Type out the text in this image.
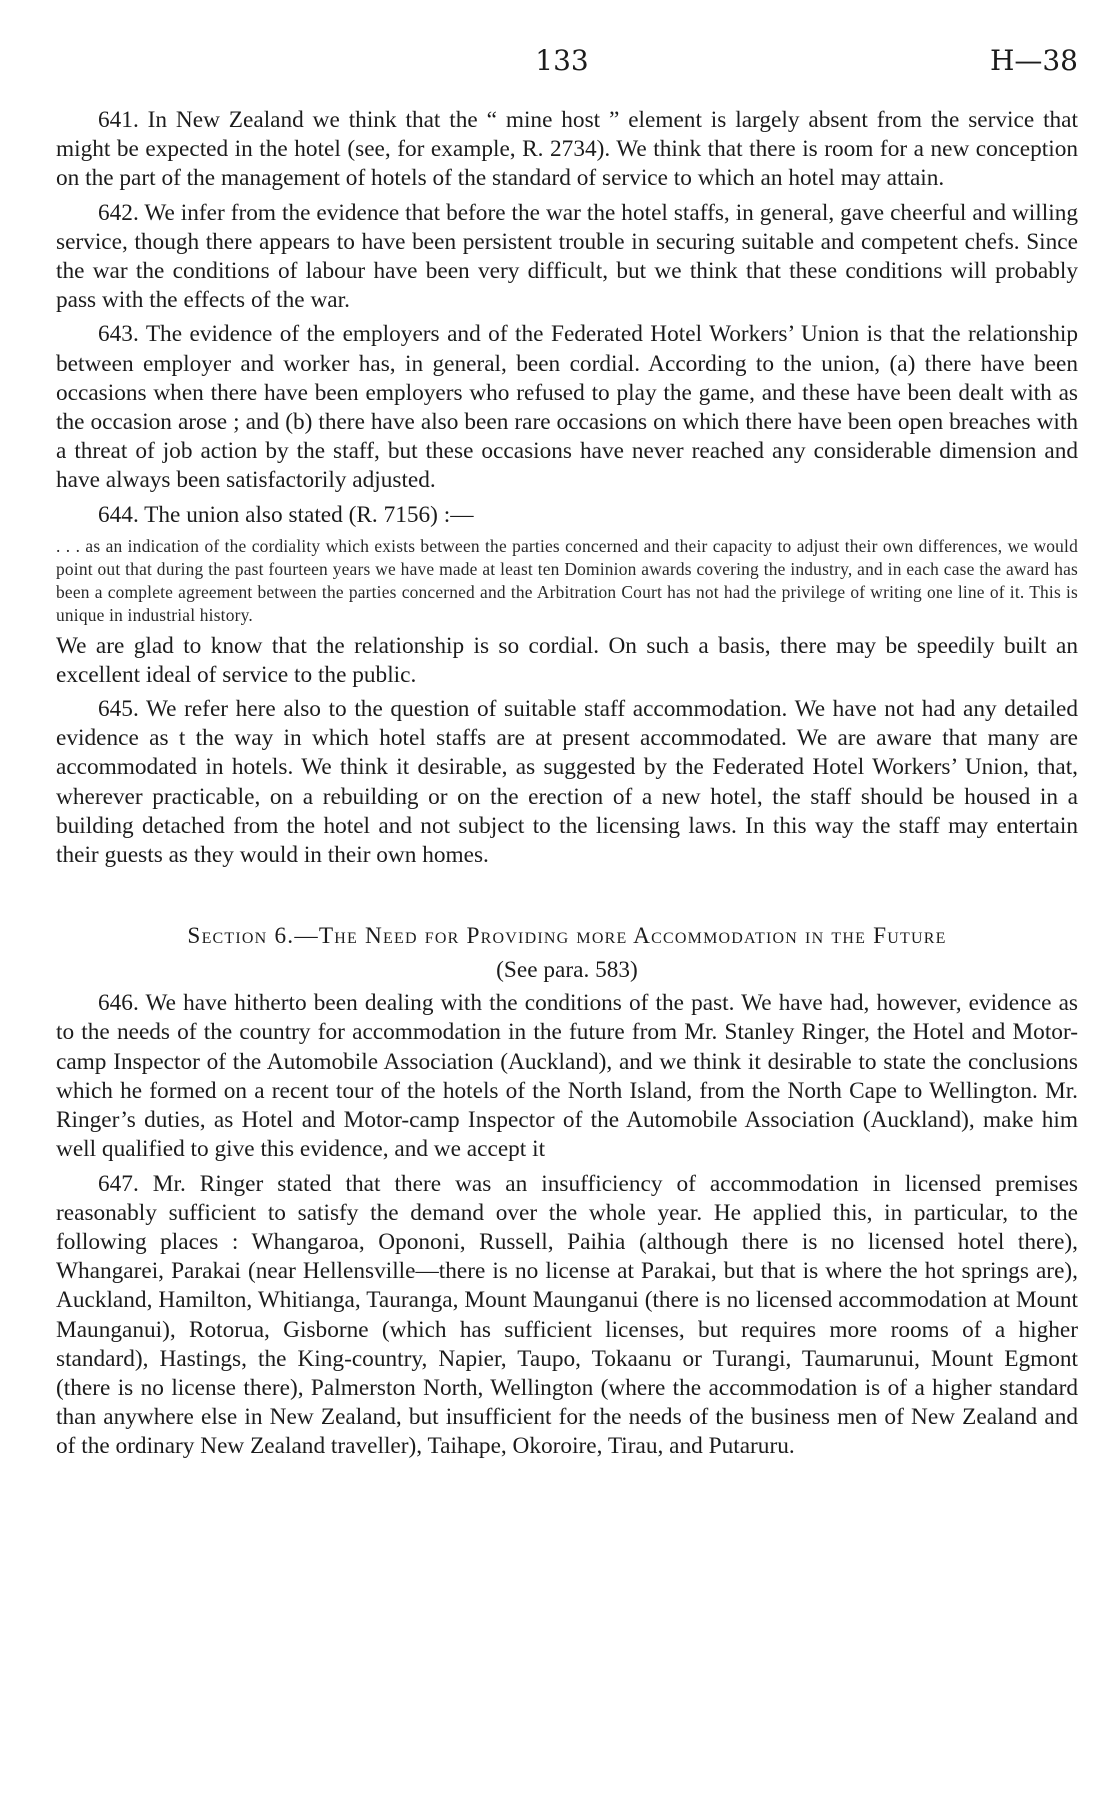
133	H—38

641. In New Zealand we think that the “ mine host ” element is largely absent from the service that might be expected in the hotel (see, for example, R. 2734). We think that there is room for a new conception on the part of the management of hotels of the standard of service to which an hotel may attain.

642. We infer from the evidence that before the war the hotel staffs, in general, gave cheerful and willing service, though there appears to have been persistent trouble in securing suitable and competent chefs. Since the war the conditions of labour have been very difficult, but we think that these conditions will probably pass with the effects of the war.

643. The evidence of the employers and of the Federated Hotel Workers’ Union is that the relationship between employer and worker has, in general, been cordial. According to the union, (a) there have been occasions when there have been employers who refused to play the game, and these have been dealt with as the occasion arose ; and (b) there have also been rare occasions on which there have been open breaches with a threat of job action by the staff, but these occasions have never reached any considerable dimension and have always been satisfactorily adjusted.

644. The union also stated (R. 7156) :—

. . . as an indication of the cordiality which exists between the parties concerned and their capacity to adjust their own differences, we would point out that during the past fourteen years we have made at least ten Dominion awards covering the industry, and in each case the award has been a complete agreement between the parties concerned and the Arbitration Court has not had the privilege of writing one line of it. This is unique in industrial history.

We are glad to know that the relationship is so cordial. On such a basis, there may be speedily built an excellent ideal of service to the public.

645. We refer here also to the question of suitable staff accommodation. We have not had any detailed evidence as t the way in which hotel staffs are at present accommodated. We are aware that many are accommodated in hotels. We think it desirable, as suggested by the Federated Hotel Workers’ Union, that, wherever practicable, on a rebuilding or on the erection of a new hotel, the staff should be housed in a building detached from the hotel and not subject to the licensing laws. In this way the staff may entertain their guests as they would in their own homes.

Section 6.—The Need for Providing more Accommodation in the Future

(See para. 583)

646. We have hitherto been dealing with the conditions of the past. We have had, however, evidence as to the needs of the country for accommodation in the future from Mr. Stanley Ringer, the Hotel and Motor-camp Inspector of the Automobile Association (Auckland), and we think it desirable to state the conclusions which he formed on a recent tour of the hotels of the North Island, from the North Cape to Wellington. Mr. Ringer’s duties, as Hotel and Motor-camp Inspector of the Automobile Association (Auckland), make him well qualified to give this evidence, and we accept it

647. Mr. Ringer stated that there was an insufficiency of accommodation in licensed premises reasonably sufficient to satisfy the demand over the whole year. He applied this, in particular, to the following places : Whangaroa, Opononi, Russell, Paihia (although there is no licensed hotel there), Whangarei, Parakai (near Hellensville—there is no license at Parakai, but that is where the hot springs are), Auckland, Hamilton, Whitianga, Tauranga, Mount Maunganui (there is no licensed accommodation at Mount Maunganui), Rotorua, Gisborne (which has sufficient licenses, but requires more rooms of a higher standard), Hastings, the King-country, Napier, Taupo, Tokaanu or Turangi, Taumarunui, Mount Egmont (there is no license there), Palmerston North, Wellington (where the accommodation is of a higher standard than anywhere else in New Zealand, but insufficient for the needs of the business men of New Zealand and of the ordinary New Zealand traveller), Taihape, Okoroire, Tirau, and Putaruru.
